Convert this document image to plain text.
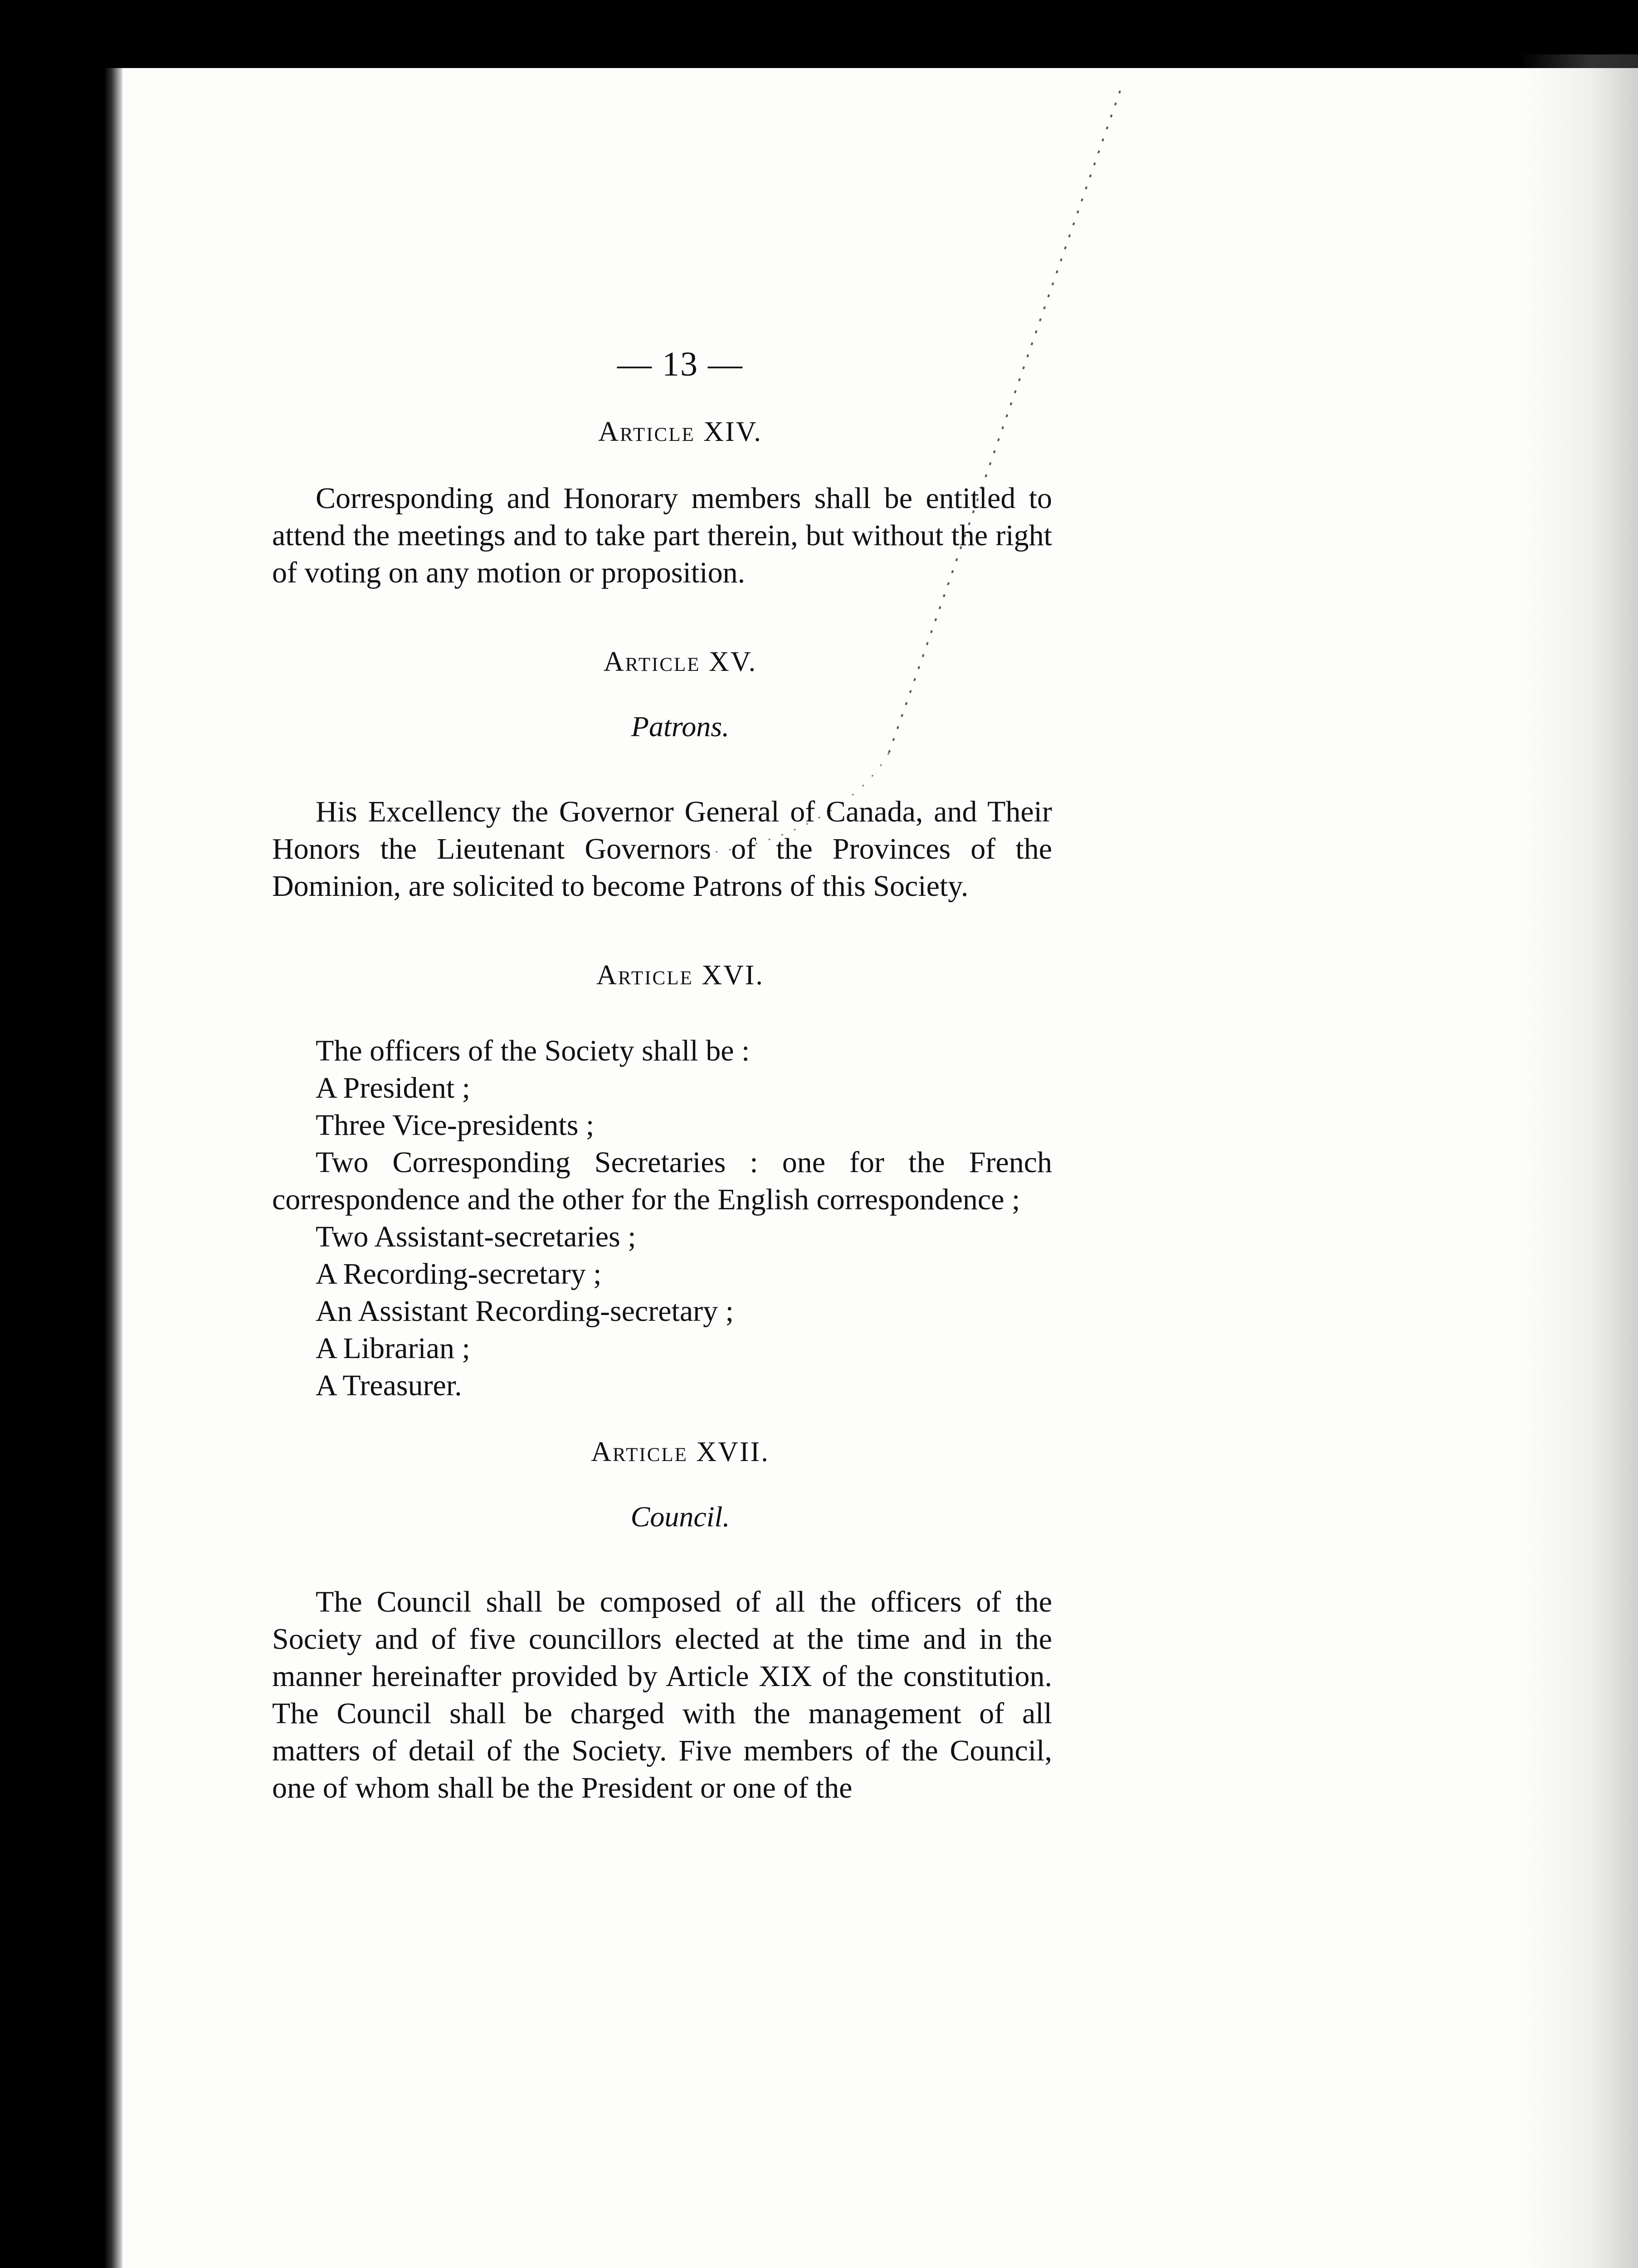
— 13 —
Article XIV.

Corresponding and Honorary members shall be entitled to attend the meetings and to take part therein, but without the right of voting on any motion or proposition.

Article XV.
Patrons.

His Excellency the Governor General of Canada, and Their Honors the Lieutenant Governors of the Provinces of the Dominion, are solicited to become Patrons of this Society.

Article XVI.
The officers of the Society shall be :
A President ;
Three Vice-presidents ;
Two Corresponding Secretaries : one for the French correspondence and the other for the English correspondence ;
Two Assistant-secretaries ;
A Recording-secretary ;
An Assistant Recording-secretary ;
A Librarian ;
A Treasurer.
Article XVII.
Council.

The Council shall be composed of all the officers of the Society and of five councillors elected at the time and in the manner hereinafter provided by Article XIX of the constitution. The Council shall be charged with the management of all matters of detail of the Society. Five members of the Council, one of whom shall be the President or one of the
